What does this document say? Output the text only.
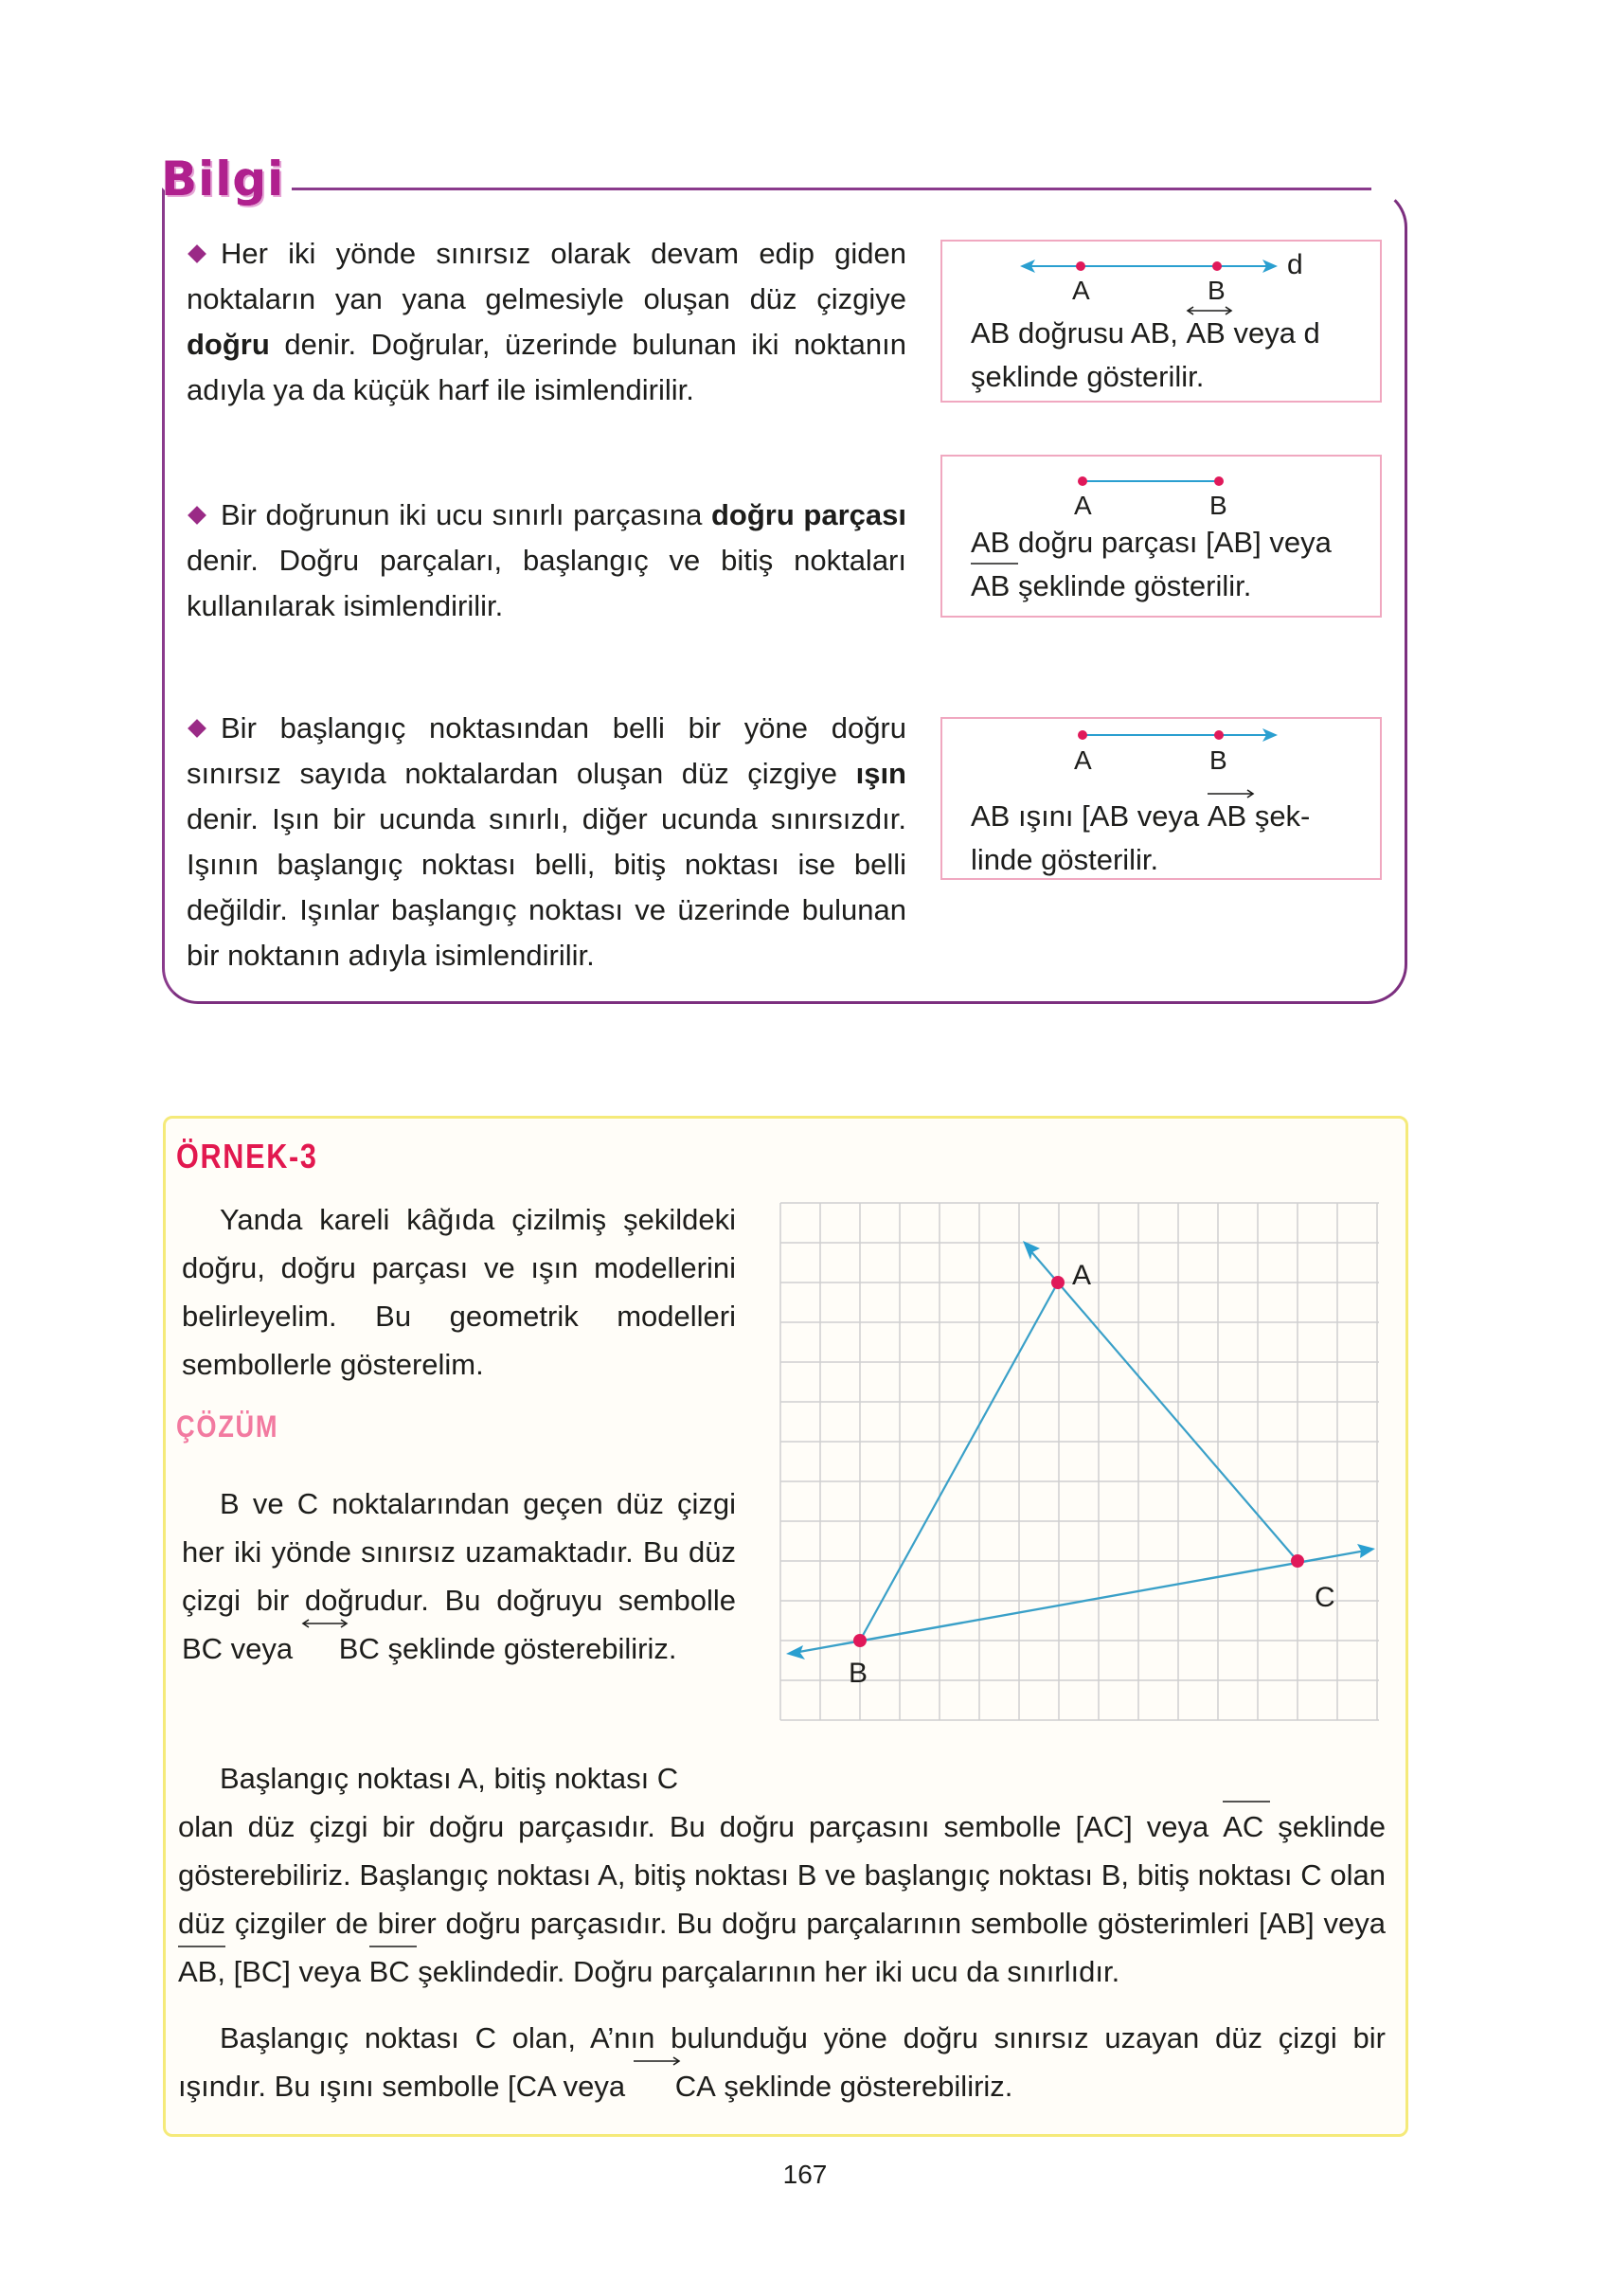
Bilgi
Her iki yönde sınırsız olarak devam edip giden noktaların yan yana gelmesiyle oluşan düz çizgiye doğru denir. Doğrular, üzerinde bulunan iki noktanın adıyla ya da küçük harf ile isimlendirilir.
A	B
d
AB doğrusu AB,
AB veya d
şeklinde gösterilir.
Bir doğrunun iki ucu sınırlı parçasına doğru parçası denir. Doğru parçaları, başlangıç ve bitiş noktaları kullanılarak isimlendirilir.
A	B
AB doğru parçası [AB] veya

AB şeklinde gösterilir.
Bir başlangıç noktasından belli bir yöne doğru sınırsız sayıda noktalardan oluşan düz çizgiye ışın denir. Işın bir ucunda sınırlı, diğer ucunda sınırsızdır. Işının başlangıç noktası belli, bitiş noktası ise belli değildir. Işınlar başlangıç noktası ve üzerinde bulunan bir noktanın adıyla isimlendirilir.
A	B
AB ışını [AB veya
AB şek-
linde gösterilir.
ÖRNEK-3
Yanda kareli kâğıda çizilmiş şekildeki doğru, doğru parçası ve ışın modellerini belirleyelim. Bu geometrik modelleri sembollerle gösterelim.
ÇÖZÜM
B ve C noktalarından geçen düz çizgi her iki yönde sınırsız uzamaktadır. Bu düz çizgi bir doğrudur. Bu doğruyu sembolle BC veya
BC şeklinde gösterebiliriz.
A
B
C
Başlangıç noktası A, bitiş noktası C
olan düz çizgi bir doğru parçasıdır. Bu doğru parçasını sembolle [AC] veya
AC şeklinde gösterebiliriz. Başlangıç noktası A, bitiş noktası B ve başlangıç noktası B, bitiş noktası C olan düz çizgiler de birer doğru parçasıdır. Bu doğru parçalarının sembolle gösterimleri [AB] veya
AB, [BC] veya
BC şeklindedir. Doğru parçalarının her iki ucu da sınırlıdır.
Başlangıç noktası C olan, A’nın bulunduğu yöne doğru sınırsız uzayan düz çizgi bir ışındır. Bu ışını sembolle [CA veya
CA şeklinde gösterebiliriz.
167
